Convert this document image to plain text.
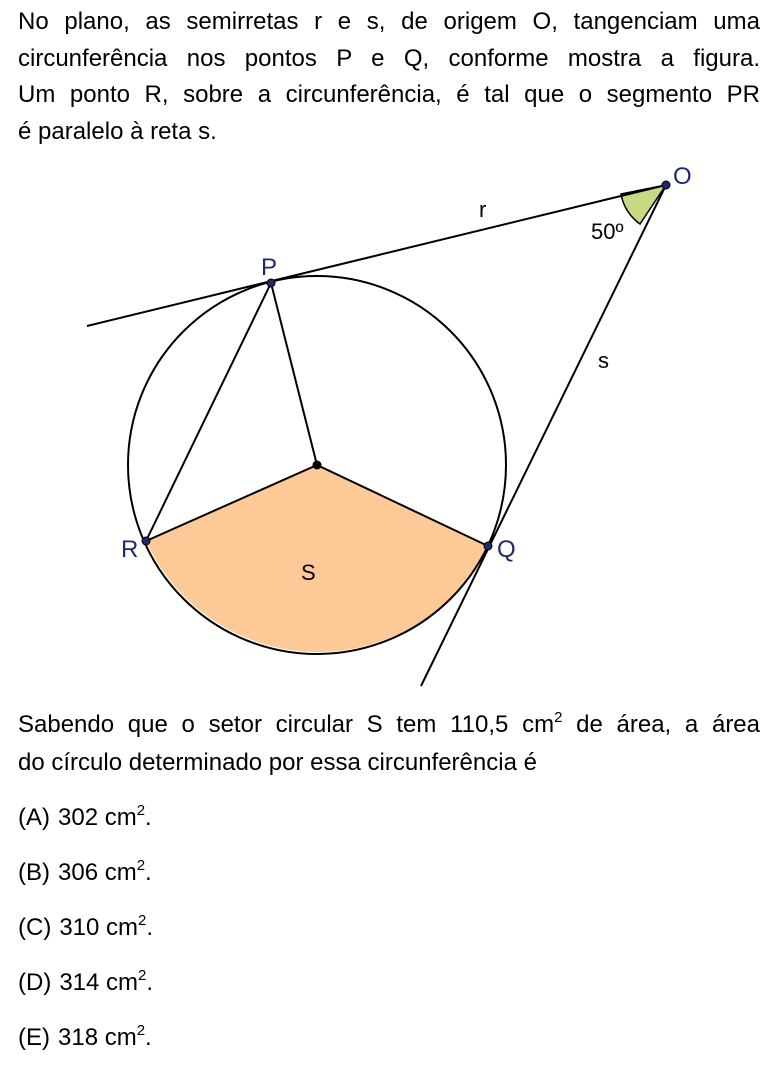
No plano, as semirretas r e s, de origem O, tangenciam uma
circunferência nos pontos P e Q, conforme mostra a figura.
Um ponto R, sobre a circunferência, é tal que o segmento PR
é paralelo à reta s.

O
P
R	Q
r
s
S
50º

Sabendo que o setor circular S tem 110,5 $cm^2$ de área, a área
do círculo determinado por essa circunferência é

(A) 302 $cm^2$.

(B) 306 $cm^2$.

(C) 310 $cm^2$.

(D) 314 $cm^2$.

(E) 318 $cm^2$.
